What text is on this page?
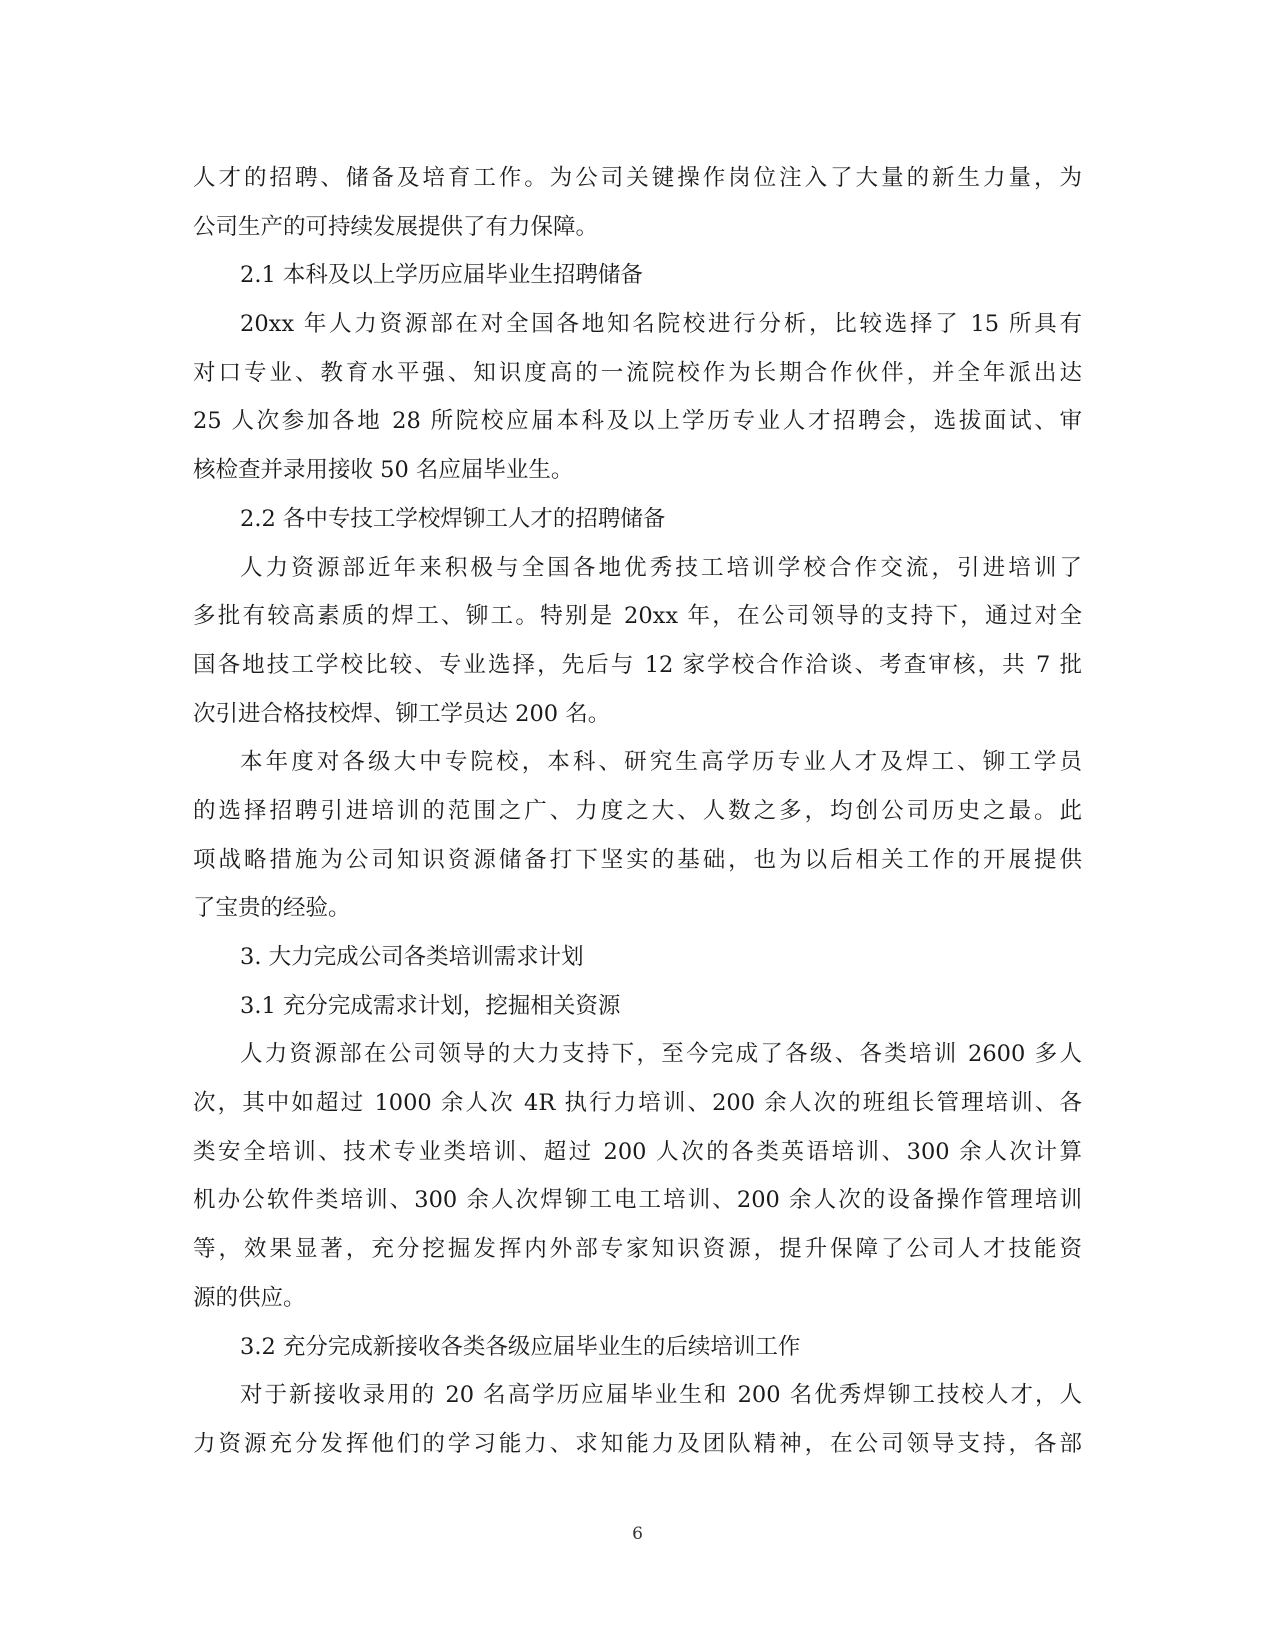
人才的招聘、储备及培育工作。为公司关键操作岗位注入了大量的新生力量，为
公司生产的可持续发展提供了有力保障。
2.1 本科及以上学历应届毕业生招聘储备
20xx 年人力资源部在对全国各地知名院校进行分析，比较选择了 15 所具有
对口专业、教育水平强、知识度高的一流院校作为长期合作伙伴，并全年派出达
25 人次参加各地 28 所院校应届本科及以上学历专业人才招聘会，选拔面试、审
核检查并录用接收 50 名应届毕业生。
2.2 各中专技工学校焊铆工人才的招聘储备
人力资源部近年来积极与全国各地优秀技工培训学校合作交流，引进培训了
多批有较高素质的焊工、铆工。特别是 20xx 年，在公司领导的支持下，通过对全
国各地技工学校比较、专业选择，先后与 12 家学校合作洽谈、考查审核，共 7 批
次引进合格技校焊、铆工学员达 200 名。
本年度对各级大中专院校，本科、研究生高学历专业人才及焊工、铆工学员
的选择招聘引进培训的范围之广、力度之大、人数之多，均创公司历史之最。此
项战略措施为公司知识资源储备打下坚实的基础，也为以后相关工作的开展提供
了宝贵的经验。
3. 大力完成公司各类培训需求计划
3.1 充分完成需求计划，挖掘相关资源
人力资源部在公司领导的大力支持下，至今完成了各级、各类培训 2600 多人
次，其中如超过 1000 余人次 4R 执行力培训、200 余人次的班组长管理培训、各
类安全培训、技术专业类培训、超过 200 人次的各类英语培训、300 余人次计算
机办公软件类培训、300 余人次焊铆工电工培训、200 余人次的设备操作管理培训
等，效果显著，充分挖掘发挥内外部专家知识资源，提升保障了公司人才技能资
源的供应。
3.2 充分完成新接收各类各级应届毕业生的后续培训工作
对于新接收录用的 20 名高学历应届毕业生和 200 名优秀焊铆工技校人才，人
力资源充分发挥他们的学习能力、求知能力及团队精神，在公司领导支持，各部
6
